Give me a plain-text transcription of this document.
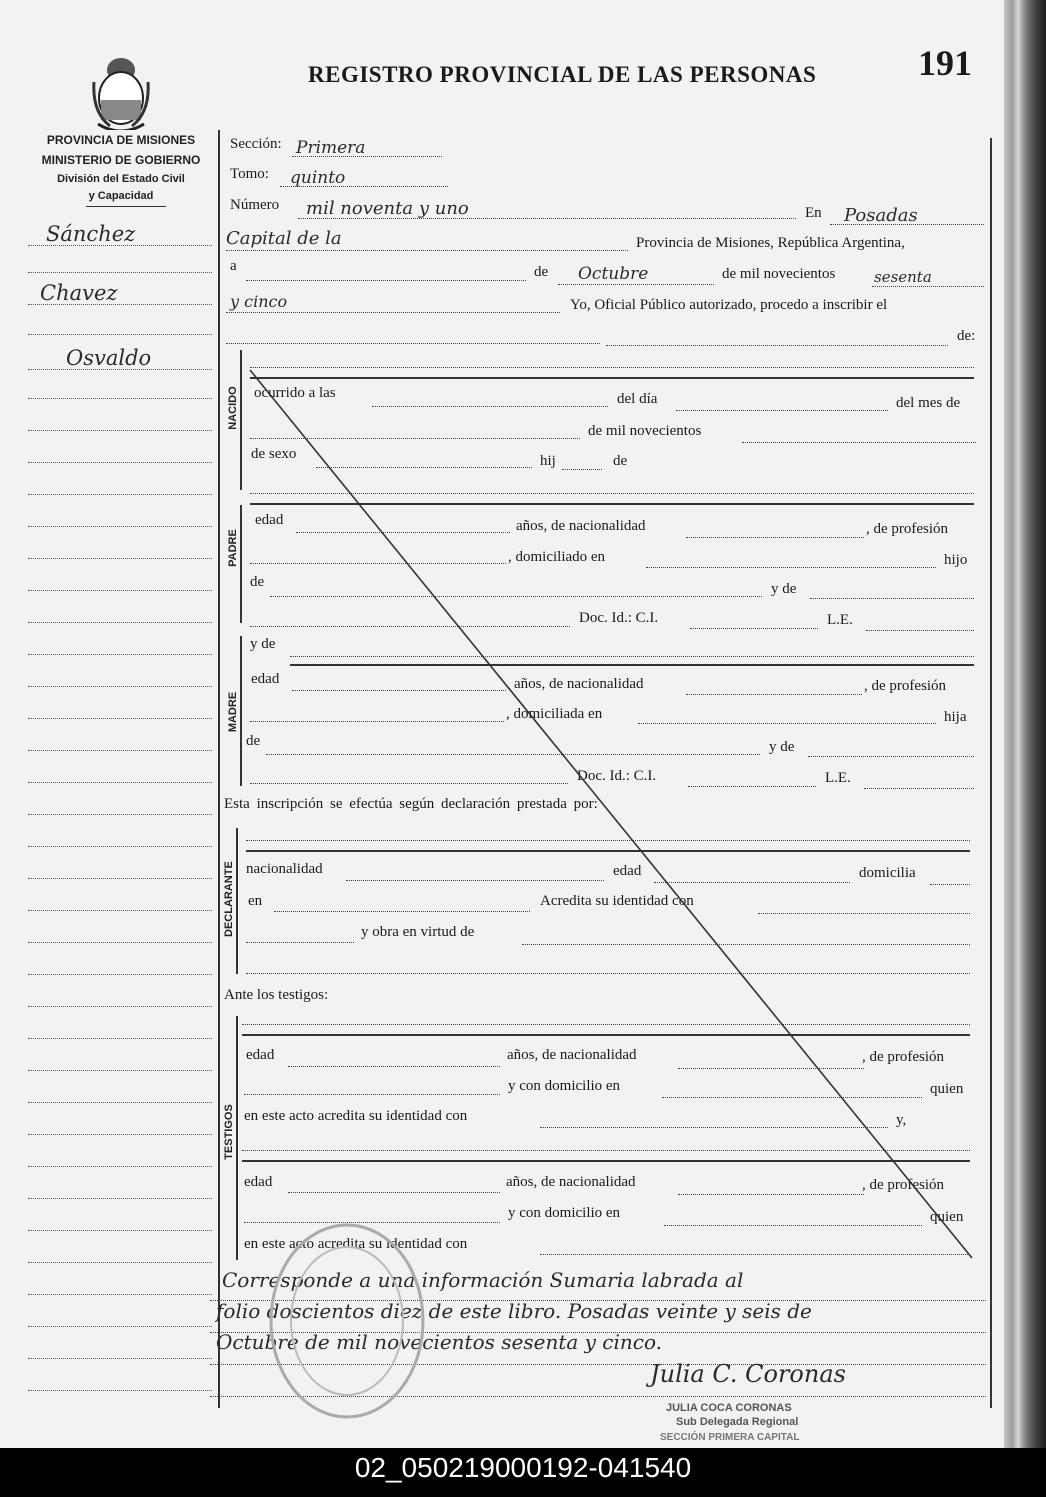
REGISTRO PROVINCIAL DE LAS PERSONAS	191
PROVINCIA DE MISIONES
MINISTERIO DE GOBIERNO
División del Estado Civil
y Capacidad
Sánchez
Chavez
Osvaldo
Sección: Primera
Tomo: quinto
Número mil noventa y uno	En Posadas
Capital de la	Provincia de Misiones, República Argentina,
a	de Octubre	de mil novecientos	sesenta
y cinco	Yo, Oficial Público autorizado, procedo a inscribir el
de:
NACIDO ocurrido a las	del día	del mes de
de mil novecientos
de sexo	hij	de
PADRE
edad	años, de nacionalidad	, de profesión
, domiciliado en	hijo
de	y de
Doc. Id.: C.I.	L.E.
MADRE
y de
edad	años, de nacionalidad	, de profesión
, domiciliada en	hija
de	y de
Doc. Id.: C.I.	L.E.
Esta inscripción se efectúa según declaración prestada por:
DECLARANTE nacionalidad	edad	domicilia
en	Acredita su identidad con
y obra en virtud de
Ante los testigos:
TESTIGOS
edad	años, de nacionalidad	, de profesión
y con domicilio en	quien
en este acto acredita su identidad con	y,
edad	años, de nacionalidad	, de profesión
y con domicilio en	quien
en este acto acredita su identidad con
Corresponde a una información Sumaria labrada al
folio doscientos diez de este libro. Posadas veinte y seis de
Octubre de mil novecientos sesenta y cinco.
Julia C. Coronas
JULIA COCA CORONAS
Sub Delegada Regional
SECCIÓN PRIMERA CAPITAL
02_050219000192-041540
